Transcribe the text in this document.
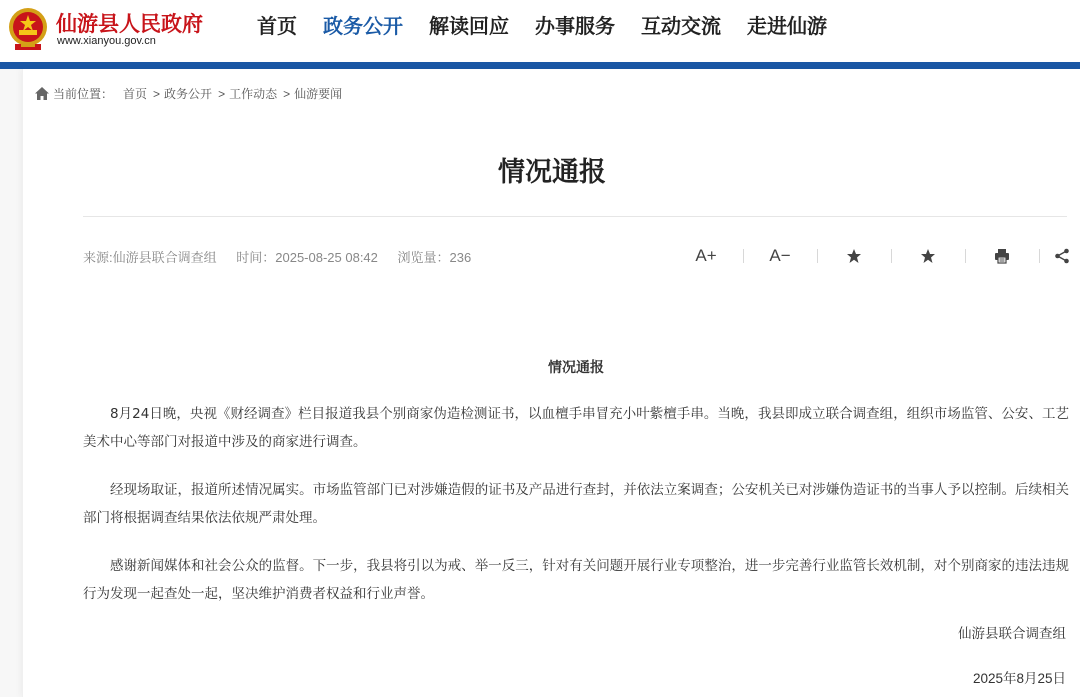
仙游县人民政府
www.xianyou.gov.cn
首页	政务公开	解读回应	办事服务	互动交流	走进仙游
当前位置： 首页 > 政务公开 > 工作动态 > 仙游要闻
情况通报
来源:仙游县联合调查组 时间：2025-08-25 08:42 浏览量：236	A+	A−
情况通报

8月24日晚，央视《财经调查》栏目报道我县个别商家伪造检测证书，以血檀手串冒充小叶紫檀手串。当晚，我县即成立联合调查组，组织市场监管、公安、工艺美术中心等部门对报道中涉及的商家进行调查。

经现场取证，报道所述情况属实。市场监管部门已对涉嫌造假的证书及产品进行查封，并依法立案调查；公安机关已对涉嫌伪造证书的当事人予以控制。后续相关部门将根据调查结果依法依规严肃处理。

感谢新闻媒体和社会公众的监督。下一步，我县将引以为戒、举一反三，针对有关问题开展行业专项整治，进一步完善行业监管长效机制，对个别商家的违法违规行为发现一起查处一起，坚决维护消费者权益和行业声誉。

仙游县联合调查组
2025年8月25日
